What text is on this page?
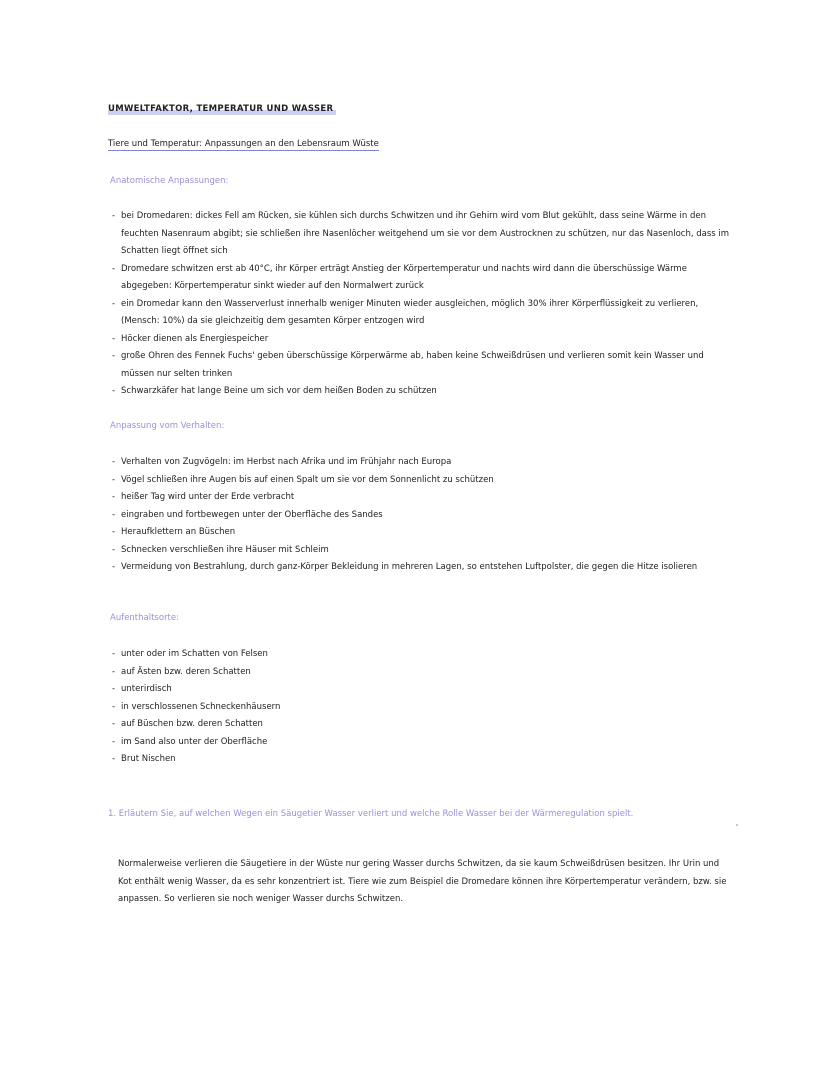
UMWELTFAKTOR, TEMPERATUR UND WASSER
Tiere und Temperatur: Anpassungen an den Lebensraum Wüste
Anatomische Anpassungen:
- bei Dromedaren: dickes Fell am Rücken, sie kühlen sich durchs Schwitzen und ihr Gehirn wird vom Blut gekühlt, dass seine Wärme in den feuchten Nasenraum abgibt; sie schließen ihre Nasenlöcher weitgehend um sie vor dem Austrocknen zu schützen, nur das Nasenloch, dass im Schatten liegt öffnet sich
- Dromedare schwitzen erst ab 40°C, ihr Körper erträgt Anstieg der Körpertemperatur und nachts wird dann die überschüssige Wärme abgegeben: Körpertemperatur sinkt wieder auf den Normalwert zurück
- ein Dromedar kann den Wasserverlust innerhalb weniger Minuten wieder ausgleichen, möglich 30% ihrer Körperflüssigkeit zu verlieren, (Mensch: 10%) da sie gleichzeitig dem gesamten Körper entzogen wird
- Höcker dienen als Energiespeicher
- große Ohren des Fennek Fuchs' geben überschüssige Körperwärme ab, haben keine Schweißdrüsen und verlieren somit kein Wasser und müssen nur selten trinken
- Schwarzkäfer hat lange Beine um sich vor dem heißen Boden zu schützen
Anpassung vom Verhalten:
- Verhalten von Zugvögeln: im Herbst nach Afrika und im Frühjahr nach Europa
- Vögel schließen ihre Augen bis auf einen Spalt um sie vor dem Sonnenlicht zu schützen
- heißer Tag wird unter der Erde verbracht
- eingraben und fortbewegen unter der Oberfläche des Sandes
- Heraufklettern an Büschen
- Schnecken verschließen ihre Häuser mit Schleim
- Vermeidung von Bestrahlung, durch ganz-Körper Bekleidung in mehreren Lagen, so entstehen Luftpolster, die gegen die Hitze isolieren
Aufenthaltsorte:
- unter oder im Schatten von Felsen
- auf Ästen bzw. deren Schatten
- unterirdisch
- in verschlossenen Schneckenhäusern
- auf Büschen bzw. deren Schatten
- im Sand also unter der Oberfläche
- Brut Nischen
1. Erläutern Sie, auf welchen Wegen ein Säugetier Wasser verliert und welche Rolle Wasser bei der Wärmeregulation spielt.
Normalerweise verlieren die Säugetiere in der Wüste nur gering Wasser durchs Schwitzen, da sie kaum Schweißdrüsen besitzen. Ihr Urin und Kot enthält wenig Wasser, da es sehr konzentriert ist. Tiere wie zum Beispiel die Dromedare können ihre Körpertemperatur verändern, bzw. sie anpassen. So verlieren sie noch weniger Wasser durchs Schwitzen.
